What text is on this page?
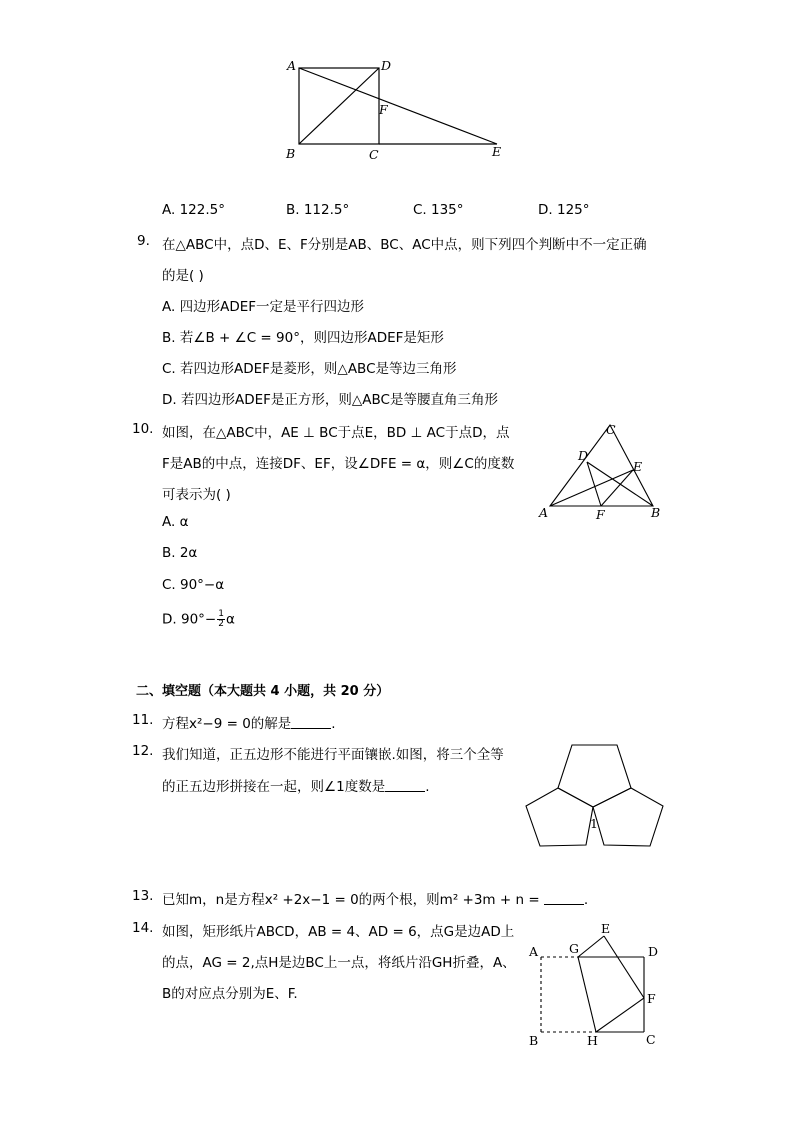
A	D
F
B	C	E
A. 122.5°	B. 112.5°	C. 135°	D. 125°
9. 在△ABC中，点D、E、F分别是AB、BC、AC中点，则下列四个判断中不一定正确
的是( )
A. 四边形ADEF一定是平行四边形
B. 若∠B + ∠C = 90°，则四边形ADEF是矩形
C. 若四边形ADEF是菱形，则△ABC是等边三角形
D. 若四边形ADEF是正方形，则△ABC是等腰直角三角形
10. 如图，在△ABC中，AE ⊥ BC于点E，BD ⊥ AC于点D，点
F是AB的中点，连接DF、EF，设∠DFE = α，则∠C的度数
可表示为( )
A. α
B. 2α
C. 90°−α
D. $90^\circ- \frac{1}{2}$ α
C
D
E
A	F	B
二、填空题（本大题共 4 小题，共 20 分）
11. 方程x²−9 = 0的解是	.
12. 我们知道，正五边形不能进行平面镶嵌.如图，将三个全等
的正五边形拼接在一起，则∠1度数是	.
1
13. 已知m，n是方程x² +2x−1 = 0的两个根，则m² +3m + n =	.
14. 如图，矩形纸片ABCD，AB = 4、AD = 6，点G是边AD上
的点，AG = 2,点H是边BC上一点，将纸片沿GH折叠，A、
B的对应点分别为E、F.
A G
E
D
F
B	H	C
